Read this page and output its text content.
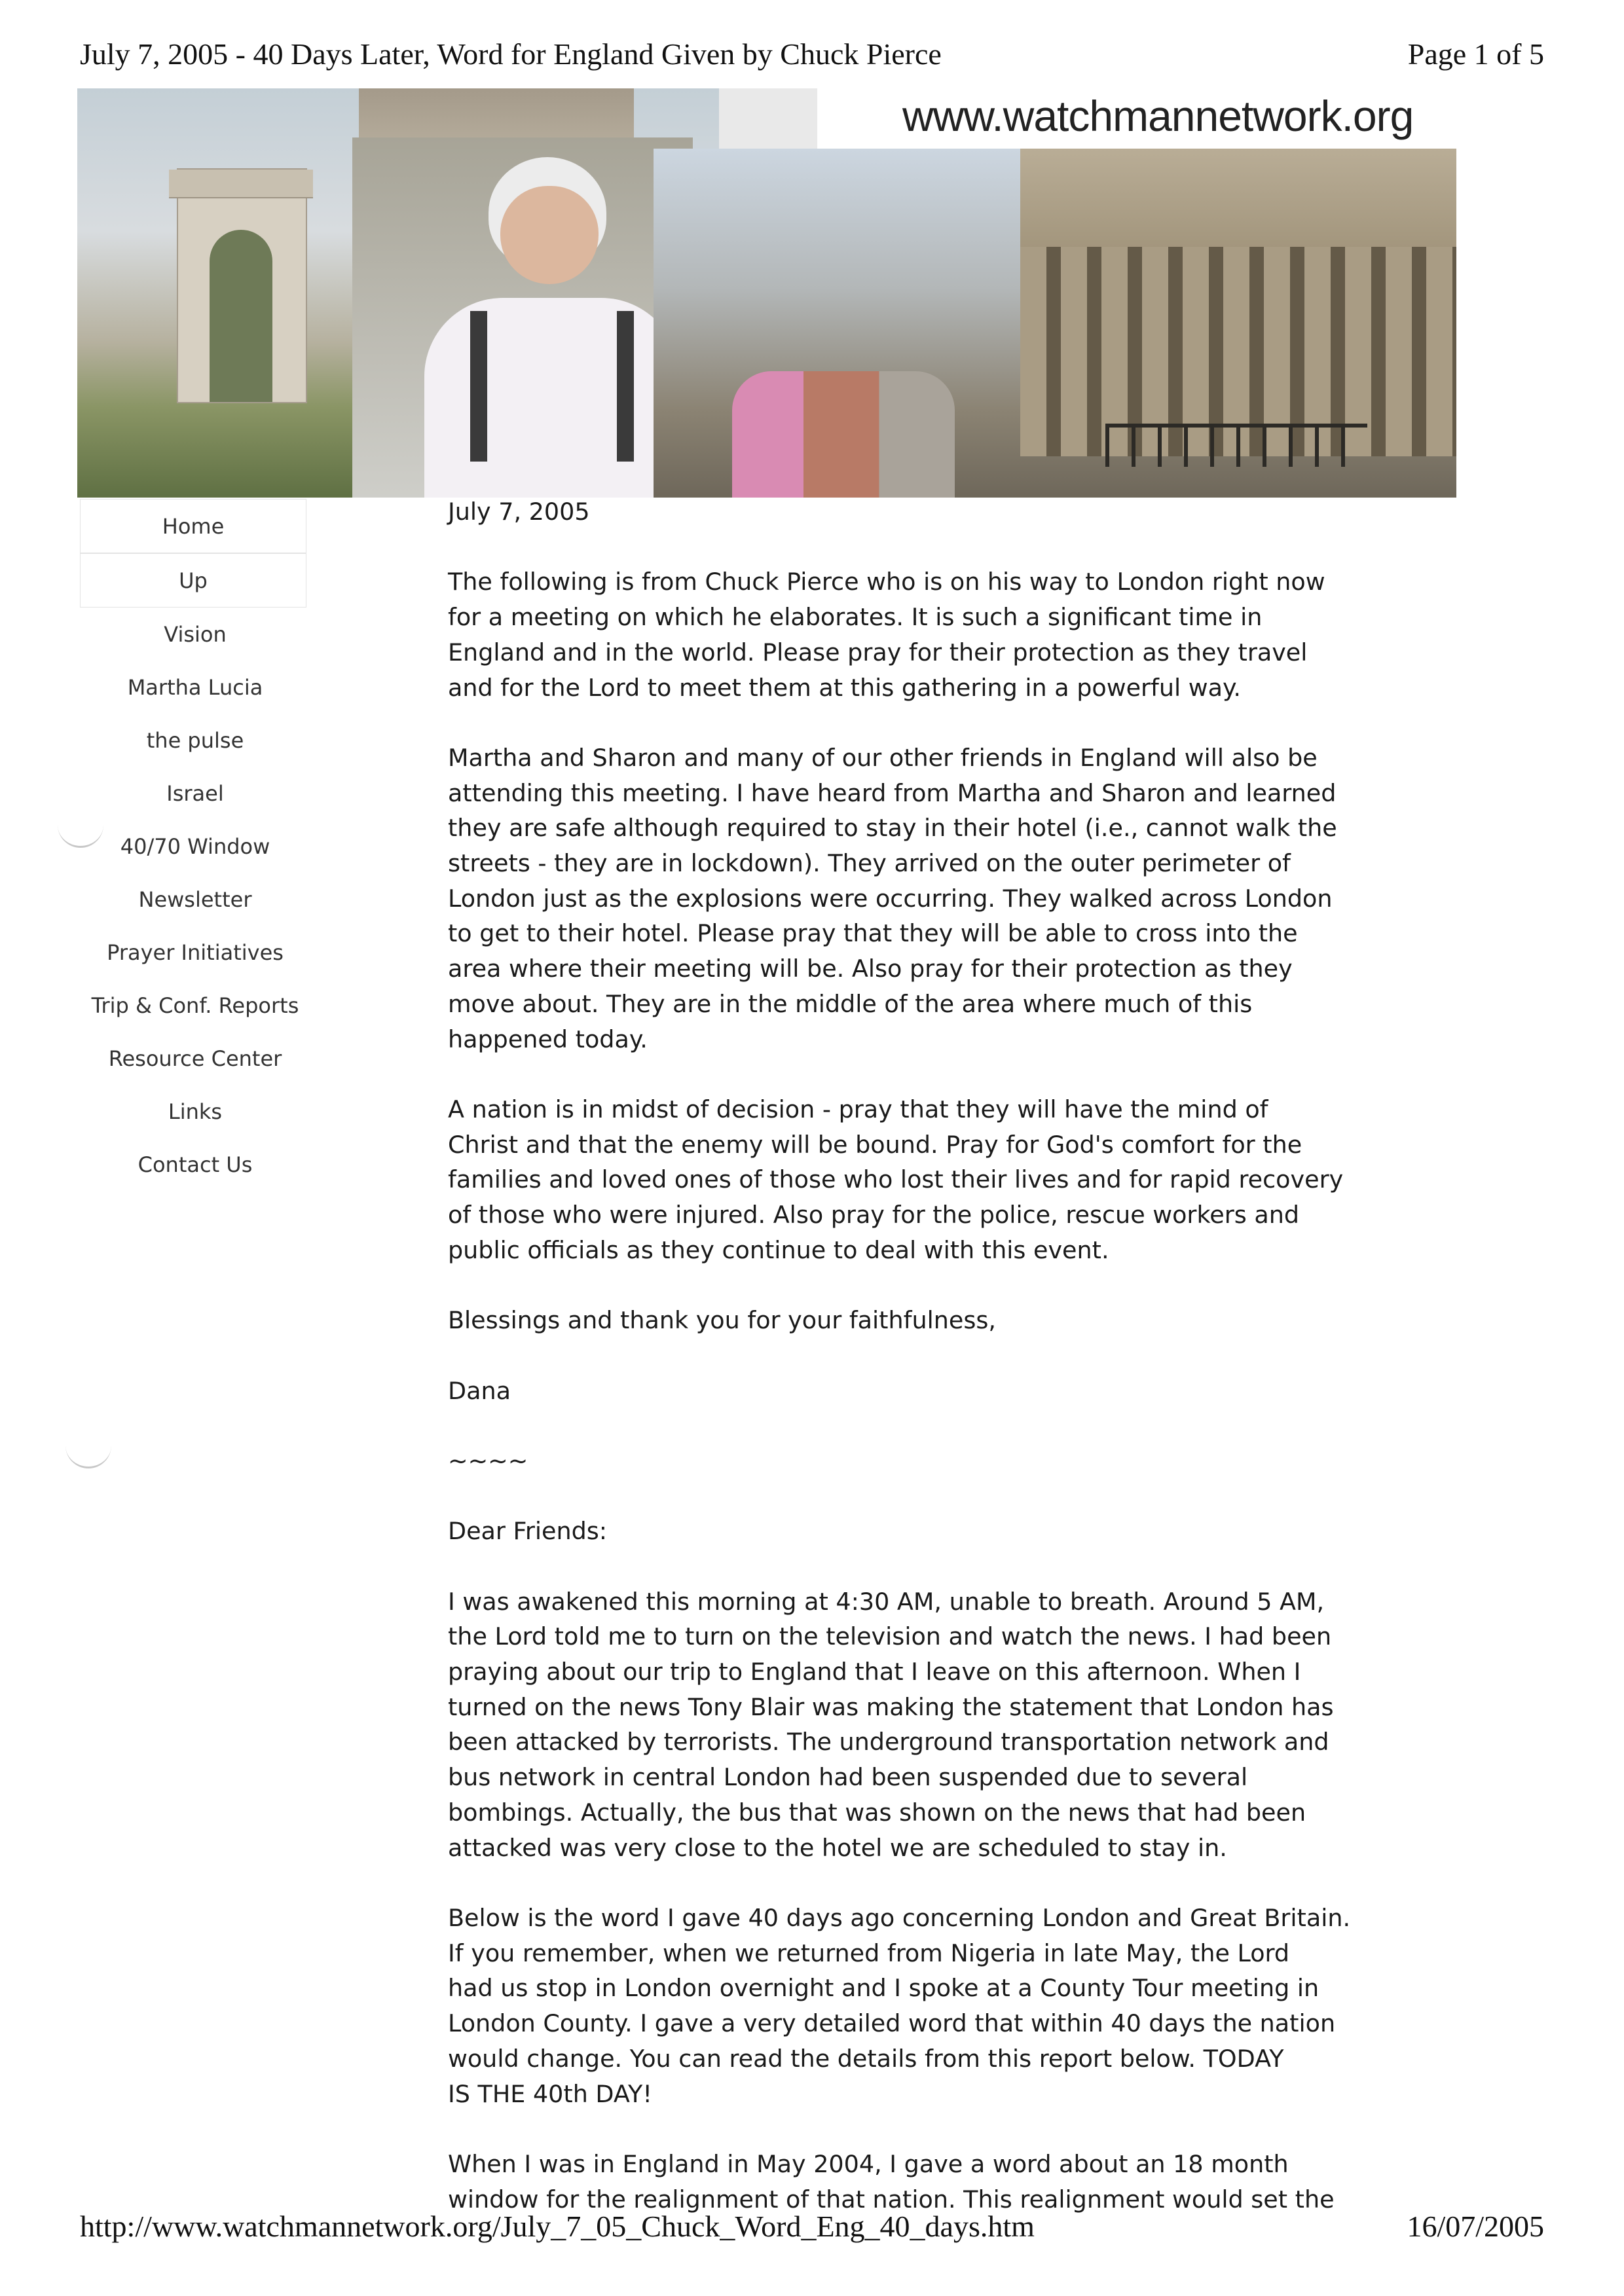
July 7, 2005 - 40 Days Later, Word for England Given by Chuck Pierce	Page 1 of 5
www.watchmannetwork.org
Home
Up
Vision
Martha Lucia
the pulse
Israel
40/70 Window
Newsletter
Prayer Initiatives
Trip & Conf. Reports
Resource Center
Links
Contact Us

July 7, 2005

The following is from Chuck Pierce who is on his way to London right now
for a meeting on which he elaborates. It is such a significant time in
England and in the world. Please pray for their protection as they travel
and for the Lord to meet them at this gathering in a powerful way.

Martha and Sharon and many of our other friends in England will also be
attending this meeting. I have heard from Martha and Sharon and learned
they are safe although required to stay in their hotel (i.e., cannot walk the
streets - they are in lockdown). They arrived on the outer perimeter of
London just as the explosions were occurring. They walked across London
to get to their hotel. Please pray that they will be able to cross into the
area where their meeting will be. Also pray for their protection as they
move about. They are in the middle of the area where much of this
happened today.

A nation is in midst of decision - pray that they will have the mind of
Christ and that the enemy will be bound. Pray for God's comfort for the
families and loved ones of those who lost their lives and for rapid recovery
of those who were injured. Also pray for the police, rescue workers and
public officials as they continue to deal with this event.

Blessings and thank you for your faithfulness,

Dana

~~~~

Dear Friends:

I was awakened this morning at 4:30 AM, unable to breath. Around 5 AM,
the Lord told me to turn on the television and watch the news. I had been
praying about our trip to England that I leave on this afternoon. When I
turned on the news Tony Blair was making the statement that London has
been attacked by terrorists. The underground transportation network and
bus network in central London had been suspended due to several
bombings. Actually, the bus that was shown on the news that had been
attacked was very close to the hotel we are scheduled to stay in.

Below is the word I gave 40 days ago concerning London and Great Britain.
If you remember, when we returned from Nigeria in late May, the Lord
had us stop in London overnight and I spoke at a County Tour meeting in
London County. I gave a very detailed word that within 40 days the nation
would change. You can read the details from this report below. TODAY
IS THE 40th DAY!

When I was in England in May 2004, I gave a word about an 18 month
window for the realignment of that nation. This realignment would set the

http://www.watchmannetwork.org/July_7_05_Chuck_Word_Eng_40_days.htm	16/07/2005
